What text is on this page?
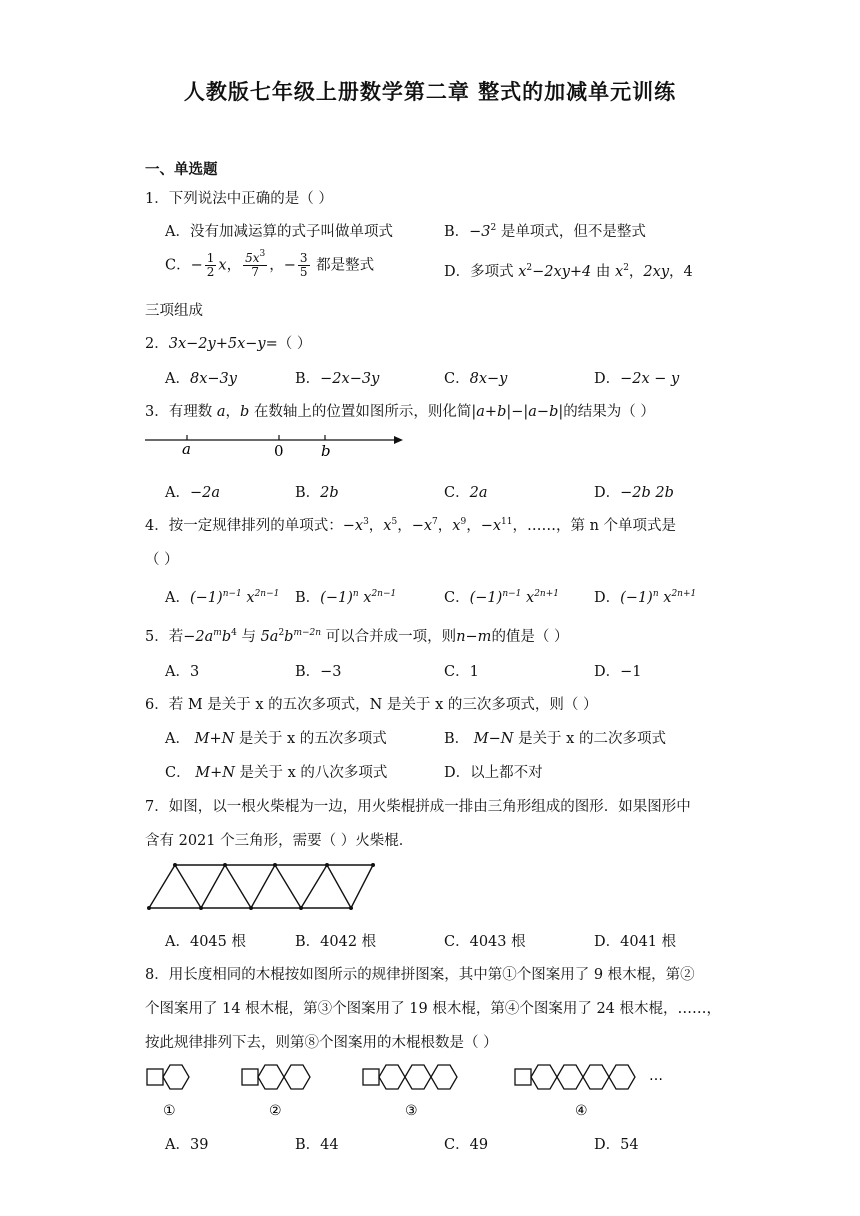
人教版七年级上册数学第二章 整式的加减单元训练
一、单选题
1．下列说法中正确的是（ ）
A．没有加减运算的式子叫做单项式	B．$-3^2$ 是单项式，但不是整式
C．− $\frac{1}{2}$ x， $\frac{5x^3}{7}$ ，− $\frac{3}{5}$ 都是整式	D．多项式 $x^2-2xy+4$ 由 $x^2$，2xy，4
三项组成
2．3x−2y+5x−y=（ ）
A．8x−3y	B．−2x−3y	C．8x−y	D．−2x − y
3．有理数 a，b 在数轴上的位置如图所示，则化简|a+b|−|a−b|的结果为（ ）
a	0 b
A．−2a	B．2b	C．2a	D．−2b 2b
4．按一定规律排列的单项式：$-x^3$，$x^5$，$-x^7$，$x^9$，$-x^{11}$，……，第 n 个单项式是
（ ）
A．$(-1)^{n-1}$ $x^{2n-1}$ B．$(-1)^n$ $x^{2n-1}$	C．$(-1)^{n-1}$ $x^{2n+1}$ D．$(-1)^n$ $x^{2n+1}$
5．若$-2a^mb^4$ 与 $5a^2b^{m-2n}$ 可以合并成一项，则n−m的值是（ ）
A．3	B．−3	C．1	D．−1
6．若 M 是关于 x 的五次多项式，N 是关于 x 的三次多项式，则（ ）
A． M+N 是关于 x 的五次多项式	B． M−N 是关于 x 的二次多项式
C． M+N 是关于 x 的八次多项式	D．以上都不对
7．如图，以一根火柴棍为一边，用火柴棍拼成一排由三角形组成的图形．如果图形中
含有 2021 个三角形，需要（ ）火柴棍．
A．4045 根	B．4042 根	C．4043 根	D．4041 根
8．用长度相同的木棍按如图所示的规律拼图案，其中第①个图案用了 9 根木棍，第②
个图案用了 14 根木棍，第③个图案用了 19 根木棍，第④个图案用了 24 根木棍，……，
按此规律排列下去，则第⑧个图案用的木棍根数是（ ）
…
①	②	③	④
A．39	B．44	C．49	D．54
